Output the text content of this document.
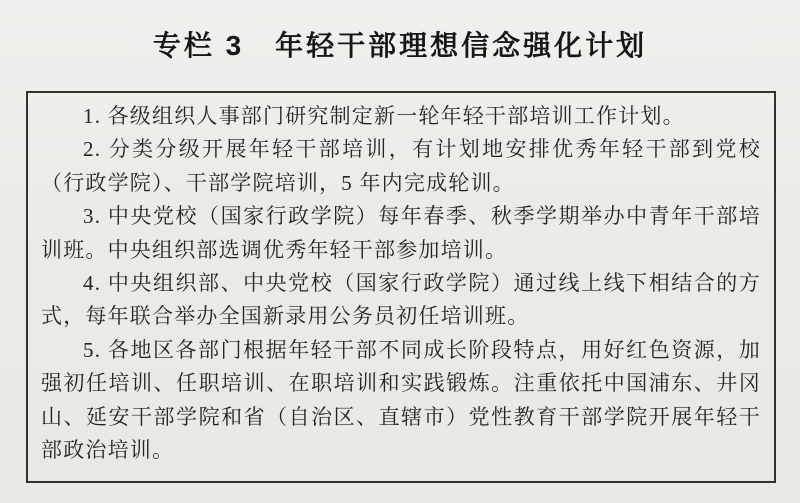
专栏 3　年轻干部理想信念强化计划

1. 各级组织人事部门研究制定新一轮年轻干部培训工作计划。

2. 分类分级开展年轻干部培训，有计划地安排优秀年轻干部到党校（行政学院）、干部学院培训，5 年内完成轮训。

3. 中央党校（国家行政学院）每年春季、秋季学期举办中青年干部培训班。中央组织部选调优秀年轻干部参加培训。

4. 中央组织部、中央党校（国家行政学院）通过线上线下相结合的方式，每年联合举办全国新录用公务员初任培训班。

5. 各地区各部门根据年轻干部不同成长阶段特点，用好红色资源，加强初任培训、任职培训、在职培训和实践锻炼。注重依托中国浦东、井冈山、延安干部学院和省（自治区、直辖市）党性教育干部学院开展年轻干部政治培训。
